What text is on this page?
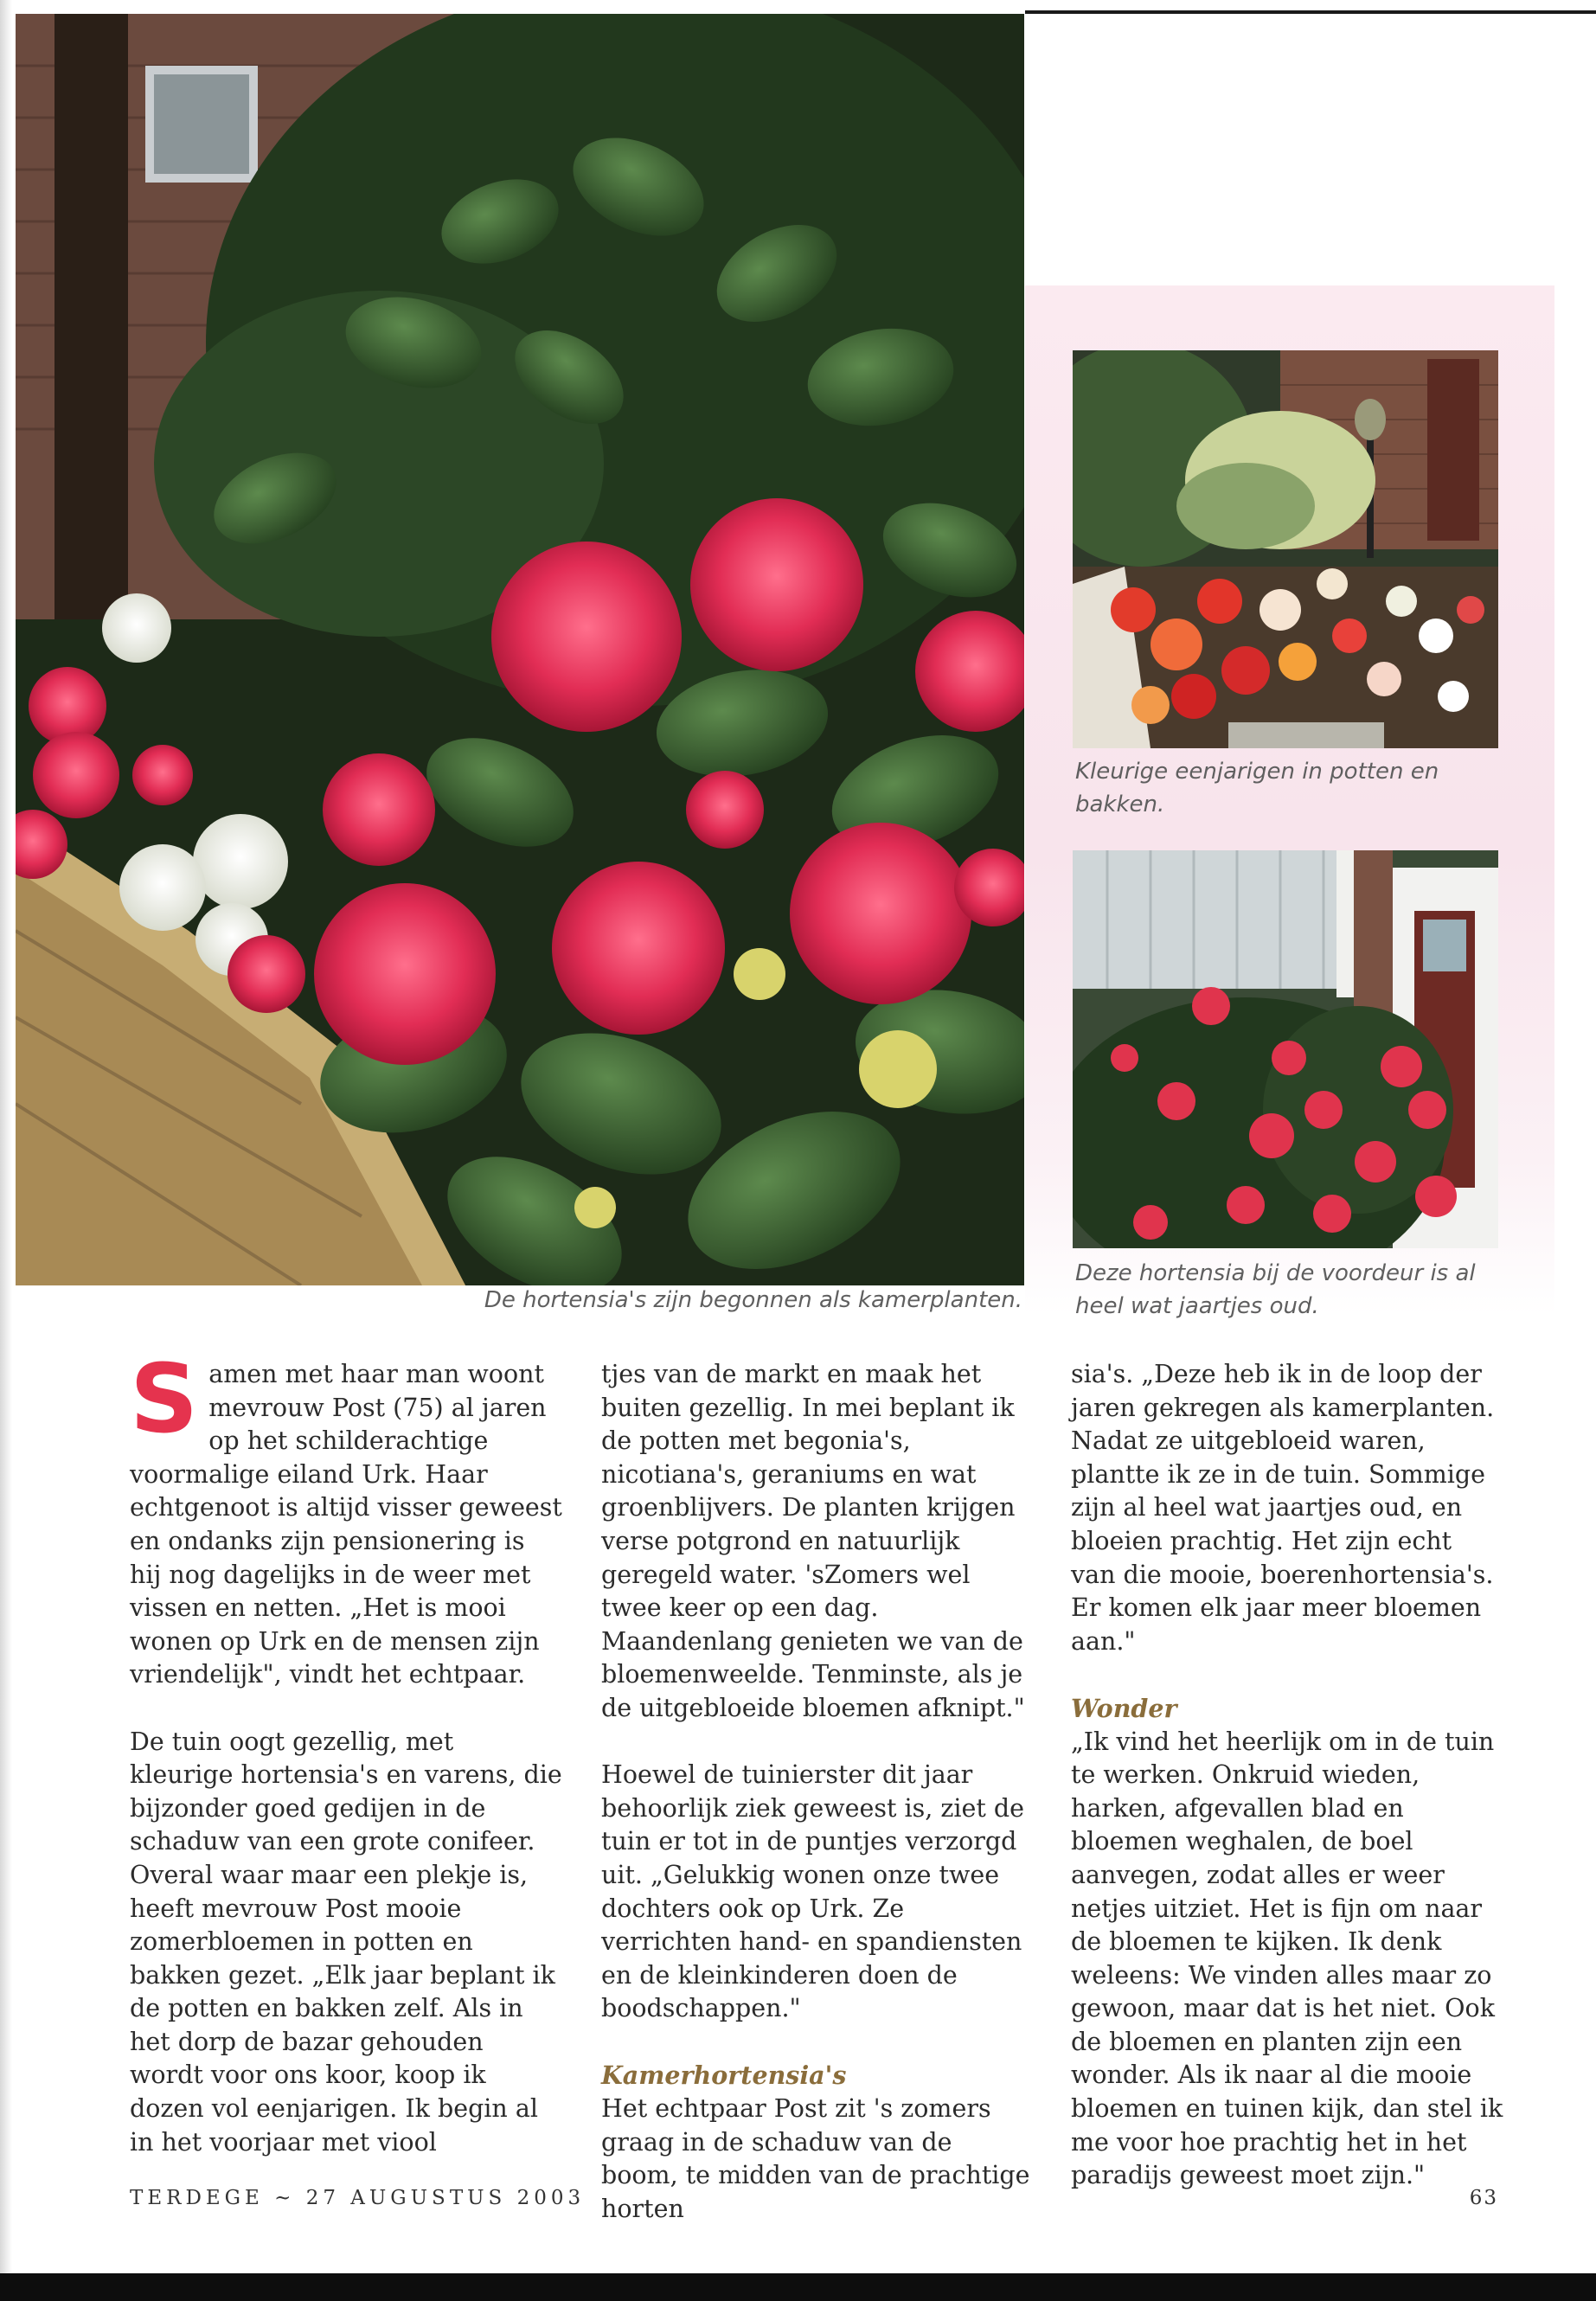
De hortensia's zijn begonnen als kamerplanten.
Kleurige eenjarigen in potten en bakken.
Deze hortensia bij de voordeur is al heel wat jaartjes oud.

S amen met haar man woont mevrouw Post (75) al jaren op het schilderachtige voormalige eiland Urk. Haar echtgenoot is altijd visser geweest en ondanks zijn pensionering is hij nog dagelijks in de weer met vissen en netten. „Het is mooi wonen op Urk en de mensen zijn vriendelijk", vindt het echtpaar.

De tuin oogt gezellig, met kleurige hortensia's en varens, die bijzonder goed gedijen in de schaduw van een grote conifeer. Overal waar maar een plekje is, heeft mevrouw Post mooie zomerbloemen in potten en bakken gezet. „Elk jaar beplant ik de potten en bakken zelf. Als in het dorp de bazar gehouden wordt voor ons koor, koop ik dozen vol eenjarigen. Ik begin al in het voorjaar met viool
tjes van de markt en maak het buiten gezellig. In mei beplant ik de potten met begonia's, nicotiana's, geraniums en wat groenblijvers. De planten krijgen verse potgrond en natuurlijk geregeld water. 'sZomers wel twee keer op een dag. Maandenlang genieten we van de bloemenweelde. Tenminste, als je de uitgebloeide bloemen afknipt."

Hoewel de tuinierster dit jaar behoorlijk ziek geweest is, ziet de tuin er tot in de puntjes verzorgd uit. „Gelukkig wonen onze twee dochters ook op Urk. Ze verrichten hand- en spandiensten en de kleinkinderen doen de boodschappen."

Kamerhortensia's

Het echtpaar Post zit 's zomers graag in de schaduw van de boom, te midden van de prachtige horten
sia's. „Deze heb ik in de loop der jaren gekregen als kamerplanten. Nadat ze uitgebloeid waren, plantte ik ze in de tuin. Sommige zijn al heel wat jaartjes oud, en bloeien prachtig. Het zijn echt van die mooie, boerenhortensia's. Er komen elk jaar meer bloemen aan."

Wonder

„Ik vind het heerlijk om in de tuin te werken. Onkruid wieden, harken, afgevallen blad en bloemen weghalen, de boel aanvegen, zodat alles er weer netjes uitziet. Het is fijn om naar de bloemen te kijken. Ik denk weleens: We vinden alles maar zo gewoon, maar dat is het niet. Ook de bloemen en planten zijn een wonder. Als ik naar al die mooie bloemen en tuinen kijk, dan stel ik me voor hoe prachtig het in het paradijs geweest moet zijn."

TERDEGE ~ 27 AUGUSTUS 2003	63
